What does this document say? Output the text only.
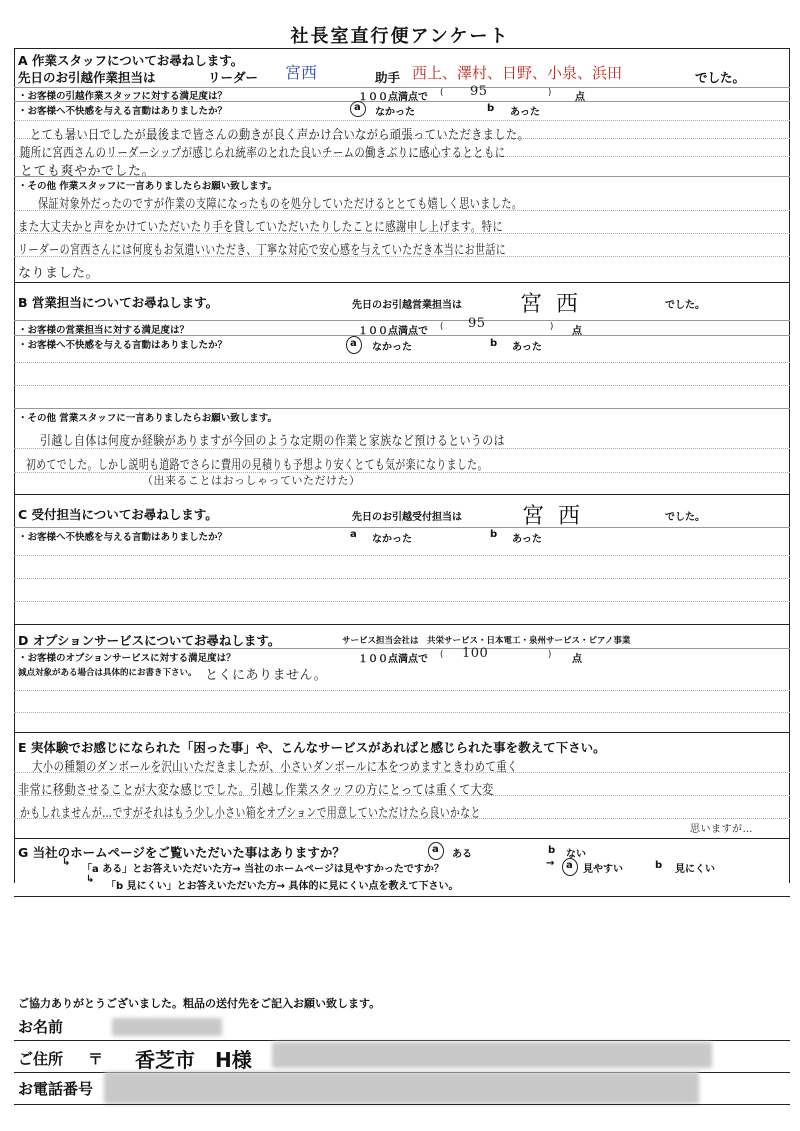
社長室直行便アンケート
A 作業スタッフについてお尋ねします。
先日のお引越作業担当は	リーダー 宮西	助手 西上、澤村、日野、小泉、浜田	でした。
・お客様の引越作業スタッフに対する満足度は？	１００点満点で ( 95	) 点
・お客様へ不快感を与える言動はありましたか？	a なかった	b あった
とても暑い日でしたが最後まで皆さんの動きが良く声かけ合いながら頑張っていただきました。
随所に宮西さんのリーダーシップが感じられ統率のとれた良いチームの働きぶりに感心するとともに
とても爽やかでした。
・その他 作業スタッフに一言ありましたらお願い致します。
保証対象外だったのですが作業の支障になったものを処分していただけるととても嬉しく思いました。
また大丈夫かと声をかけていただいたり手を貸していただいたりしたことに感謝申し上げます。特に
リーダーの宮西さんには何度もお気遣いいただき、丁寧な対応で安心感を与えていただき本当にお世話に
なりました。
B 営業担当についてお尋ねします。	先日のお引越営業担当は	宮西	でした。
・お客様の営業担当に対する満足度は？	１００点満点で ( 95	) 点
・お客様へ不快感を与える言動はありましたか？	a なかった	b あった
・その他 営業スタッフに一言ありましたらお願い致します。
引越し自体は何度か経験がありますが今回のような定期の作業と家族など預けるというのは
初めてでした。しかし説明も道路でさらに費用の見積りも予想より安くとても気が楽になりました。
（出来ることはおっしゃっていただけた）
C 受付担当についてお尋ねします。	先日のお引越受付担当は	宮西	でした。
・お客様へ不快感を与える言動はありましたか？	a なかった	b あった
D オプションサービスについてお尋ねします。	サービス担当会社は　共栄サービス・日本電工・泉州サービス・ピアノ事業
・お客様のオプションサービスに対する満足度は？	１００点満点で ( 100	) 点
減点対象がある場合は具体的にお書き下さい。 とくにありません。
E 実体験でお感じになられた「困った事」や、こんなサービスがあればと感じられた事を教えて下さい。
大小の種類のダンボールを沢山いただきましたが、小さいダンボールに本をつめますときわめて重く
非常に移動させることが大変な感じでした。引越し作業スタッフの方にとっては重くて大変
かもしれませんが…ですがそれはもう少し小さい箱をオプションで用意していただけたら良いかなと
思いますが…
G 当社のホームページをご覧いただいた事はありますか？	a ある	b ない
↳
「a ある」とお答えいただいた方→ 当社のホームページは見やすかったですか？
→ a 見やすい	b 見にくい
↳
「b 見にくい」とお答えいただいた方→ 具体的に見にくい点を教えて下さい。
ご協力ありがとうございました。粗品の送付先をご記入お願い致します。
お名前
ご住所 〒 香芝市　H様
お電話番号
